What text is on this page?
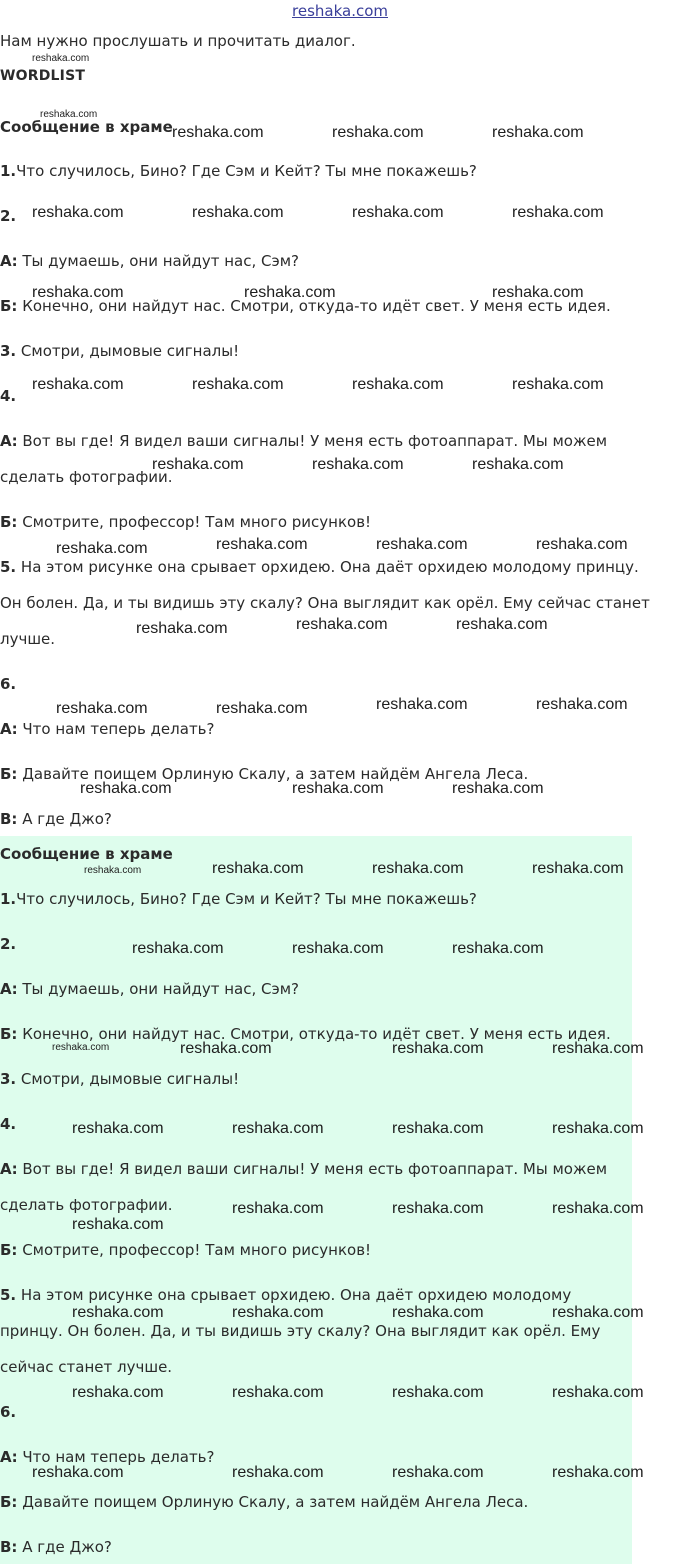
reshaka.com
Нам нужно прослушать и прочитать диалог.
WORDLIST
Сообщение в храме
1.Что случилось, Бино? Где Сэм и Кейт? Ты мне покажешь?
2.
А: Ты думаешь, они найдут нас, Сэм?
Б: Конечно, они найдут нас. Смотри, откуда-то идёт свет. У меня есть идея.
3. Смотри, дымовые сигналы!
4.
А: Вот вы где! Я видел ваши сигналы! У меня есть фотоаппарат. Мы можем
сделать фотографии.
Б: Смотрите, профессор! Там много рисунков!
5. На этом рисунке она срывает орхидею. Она даёт орхидею молодому принцу.
Он болен. Да, и ты видишь эту скалу? Она выглядит как орёл. Ему сейчас станет
лучше.
6.
А: Что нам теперь делать?
Б: Давайте поищем Орлиную Скалу, а затем найдём Ангела Леса.
В: А где Джо?
Сообщение в храме
1.Что случилось, Бино? Где Сэм и Кейт? Ты мне покажешь?
2.
А: Ты думаешь, они найдут нас, Сэм?
Б: Конечно, они найдут нас. Смотри, откуда-то идёт свет. У меня есть идея.
3. Смотри, дымовые сигналы!
4.
А: Вот вы где! Я видел ваши сигналы! У меня есть фотоаппарат. Мы можем
сделать фотографии.
Б: Смотрите, профессор! Там много рисунков!
5. На этом рисунке она срывает орхидею. Она даёт орхидею молодому
принцу. Он болен. Да, и ты видишь эту скалу? Она выглядит как орёл. Ему
сейчас станет лучше.
6.
А: Что нам теперь делать?
Б: Давайте поищем Орлиную Скалу, а затем найдём Ангела Леса.
В: А где Джо?
reshaka.com
reshaka.com
reshaka.com	reshaka.com	reshaka.com
reshaka.com	reshaka.com	reshaka.com	reshaka.com
reshaka.com	reshaka.com	reshaka.com
reshaka.com	reshaka.com	reshaka.com	reshaka.com
reshaka.com	reshaka.com	reshaka.com
reshaka.com	reshaka.com	reshaka.com	reshaka.com
reshaka.com	reshaka.com	reshaka.com
reshaka.com	reshaka.com	reshaka.com	reshaka.com
reshaka.com	reshaka.com	reshaka.com
reshaka.com	reshaka.com	reshaka.com	reshaka.com
reshaka.com	reshaka.com	reshaka.com
reshaka.com	reshaka.com	reshaka.com	reshaka.com
reshaka.com	reshaka.com	reshaka.com	reshaka.com
reshaka.com	reshaka.com	reshaka.com
reshaka.com
reshaka.com	reshaka.com	reshaka.com	reshaka.com
reshaka.com	reshaka.com	reshaka.com	reshaka.com
reshaka.com	reshaka.com	reshaka.com	reshaka.com
